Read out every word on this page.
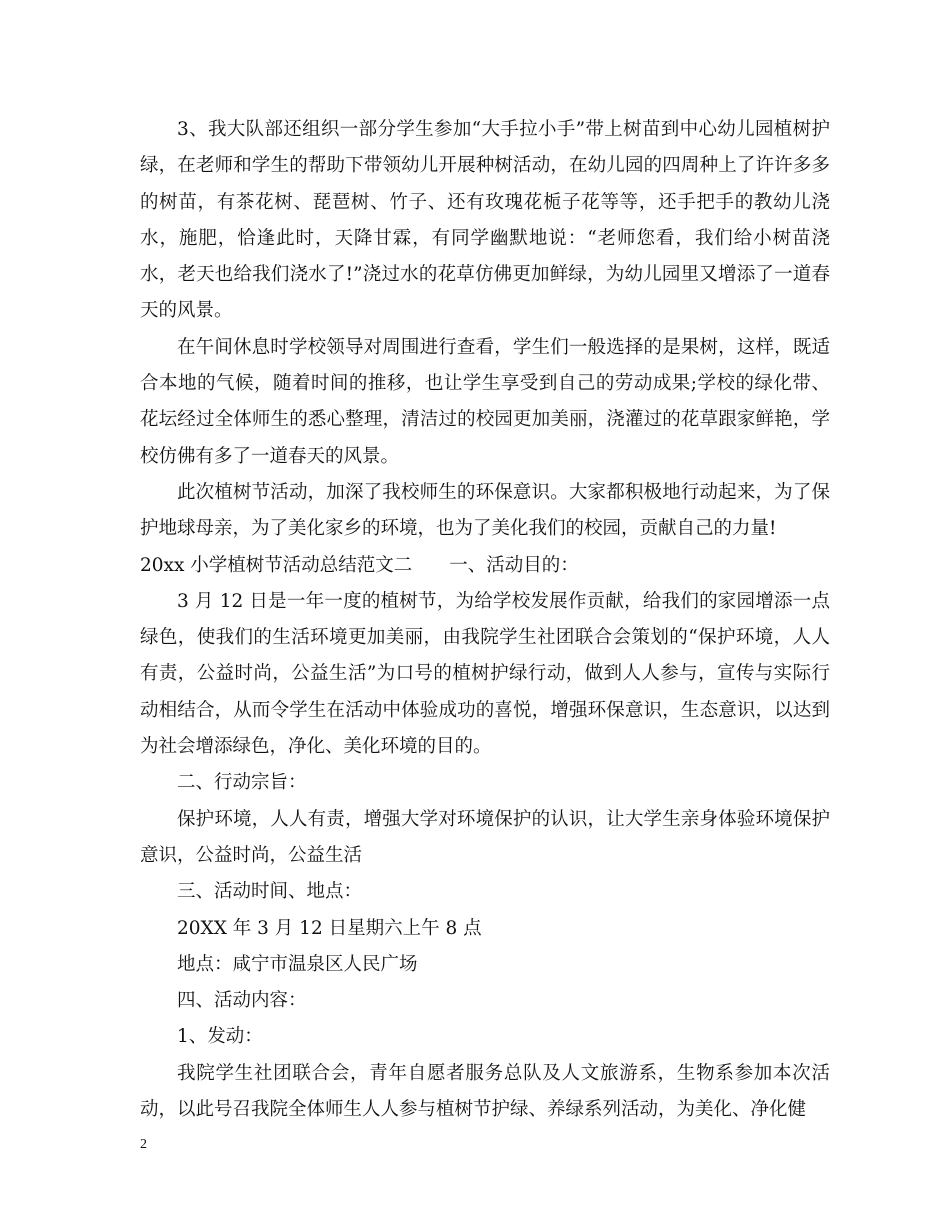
3、我大队部还组织一部分学生参加“大手拉小手”带上树苗到中心幼儿园植树护绿，在老师和学生的帮助下带领幼儿开展种树活动，在幼儿园的四周种上了许许多多的树苗，有茶花树、琵琶树、竹子、还有玫瑰花栀子花等等，还手把手的教幼儿浇水，施肥，恰逢此时，天降甘霖，有同学幽默地说：“老师您看，我们给小树苗浇水，老天也给我们浇水了!”浇过水的花草仿佛更加鲜绿，为幼儿园里又增添了一道春天的风景。

在午间休息时学校领导对周围进行查看，学生们一般选择的是果树，这样，既适合本地的气候，随着时间的推移，也让学生享受到自己的劳动成果;学校的绿化带、花坛经过全体师生的悉心整理，清洁过的校园更加美丽，浇灌过的花草跟家鲜艳，学校仿佛有多了一道春天的风景。

此次植树节活动，加深了我校师生的环保意识。大家都积极地行动起来，为了保护地球母亲，为了美化家乡的环境，也为了美化我们的校园，贡献自己的力量!

20xx 小学植树节活动总结范文二　　一、活动目的：

3 月 12 日是一年一度的植树节，为给学校发展作贡献，给我们的家园增添一点绿色，使我们的生活环境更加美丽，由我院学生社团联合会策划的“保护环境，人人有责，公益时尚，公益生活”为口号的植树护绿行动，做到人人参与，宣传与实际行动相结合，从而令学生在活动中体验成功的喜悦，增强环保意识，生态意识，以达到为社会增添绿色，净化、美化环境的目的。

二、行动宗旨：

保护环境，人人有责，增强大学对环境保护的认识，让大学生亲身体验环境保护意识，公益时尚，公益生活

三、活动时间、地点：

20XX 年 3 月 12 日星期六上午 8 点

地点：咸宁市温泉区人民广场

四、活动内容：

1、发动：

我院学生社团联合会，青年自愿者服务总队及人文旅游系，生物系参加本次活动，以此号召我院全体师生人人参与植树节护绿、养绿系列活动，为美化、净化健

2
